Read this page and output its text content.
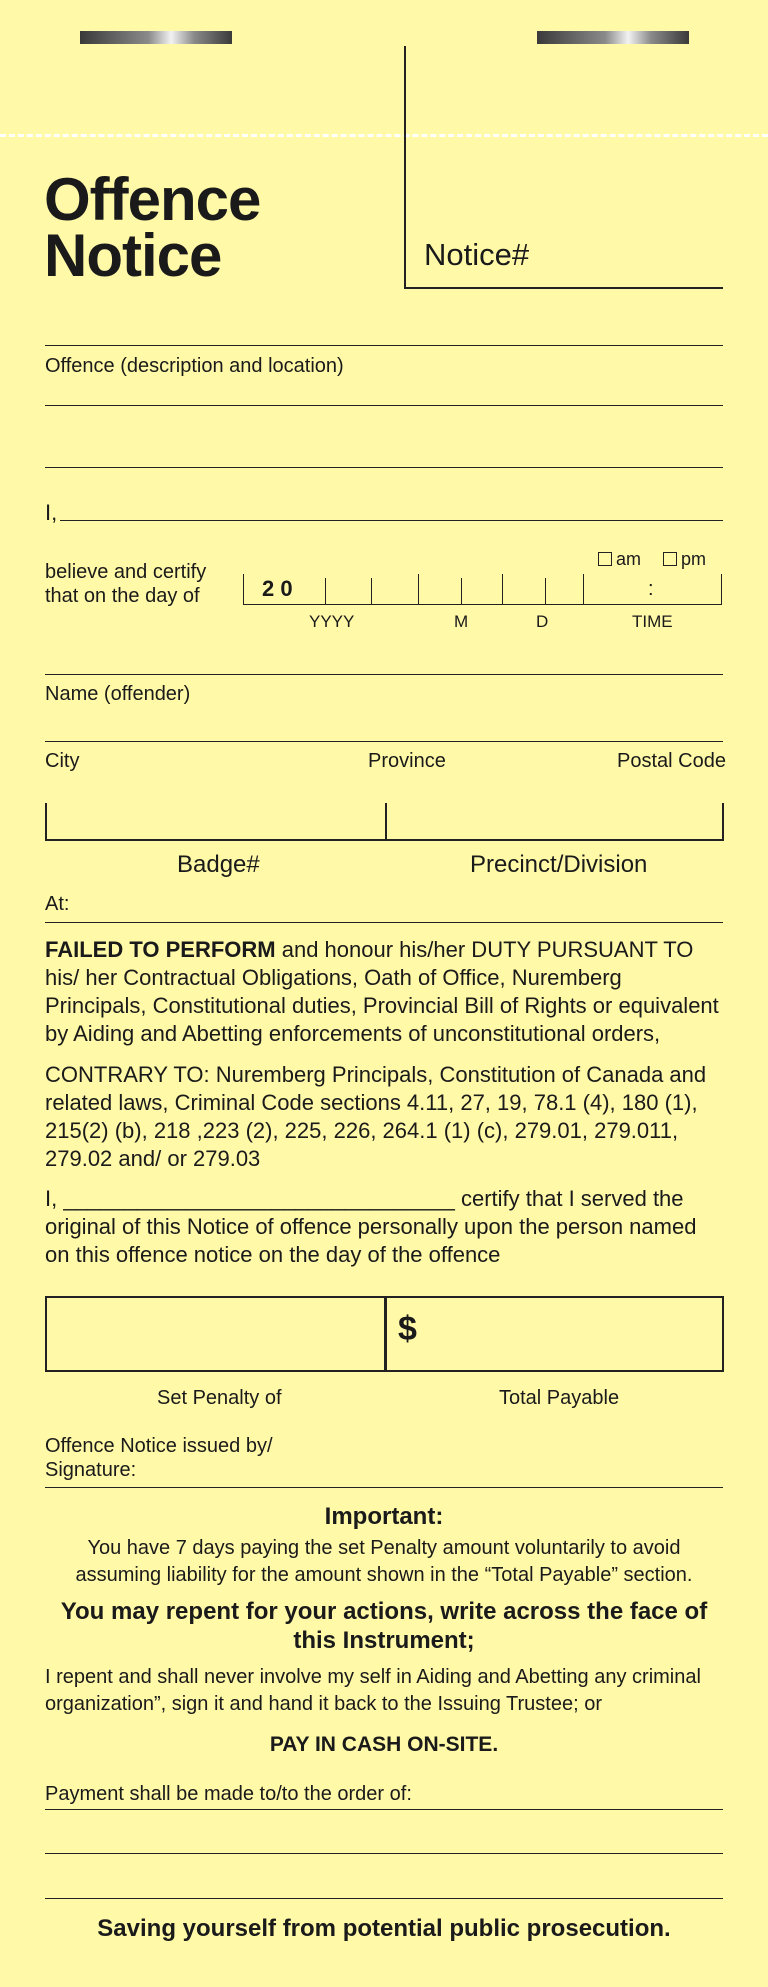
Offence
Notice	Notice#
Offence (description and location)
I,
believe and certify
that on the day of
am	pm
2 0	:
YYYY	M	D	TIME
Name (offender)
City	Province	Postal Code
Badge#	Precinct/Division
At:
FAILED TO PERFORM and honour his/her DUTY PURSUANT TO his/ her Contractual Obligations, Oath of Office, Nuremberg Principals, Constitutional duties, Provincial Bill of Rights or equivalent by Aiding and Abetting enforcements of unconstitutional orders,
CONTRARY TO: Nuremberg Principals, Constitution of Canada and related laws, Criminal Code sections 4.11, 27, 19, 78.1 (4), 180 (1), 215(2) (b), 218 ,223 (2), 225, 226, 264.1 (1) (c), 279.01, 279.011, 279.02 and/ or 279.03
I, ________________________________ certify that I served the original of this Notice of offence personally upon the person named on this offence notice on the day of the offence
$
Set Penalty of	Total Payable
Offence Notice issued by/
Signature:
Important:
You have 7 days paying the set Penalty amount voluntarily to avoid assuming liability for the amount shown in the “Total Payable” section.
You may repent for your actions, write across the face of this Instrument;
I repent and shall never involve my self in Aiding and Abetting any criminal organization”, sign it and hand it back to the Issuing Trustee; or
PAY IN CASH ON-SITE.
Payment shall be made to/to the order of:
Saving yourself from potential public prosecution.
